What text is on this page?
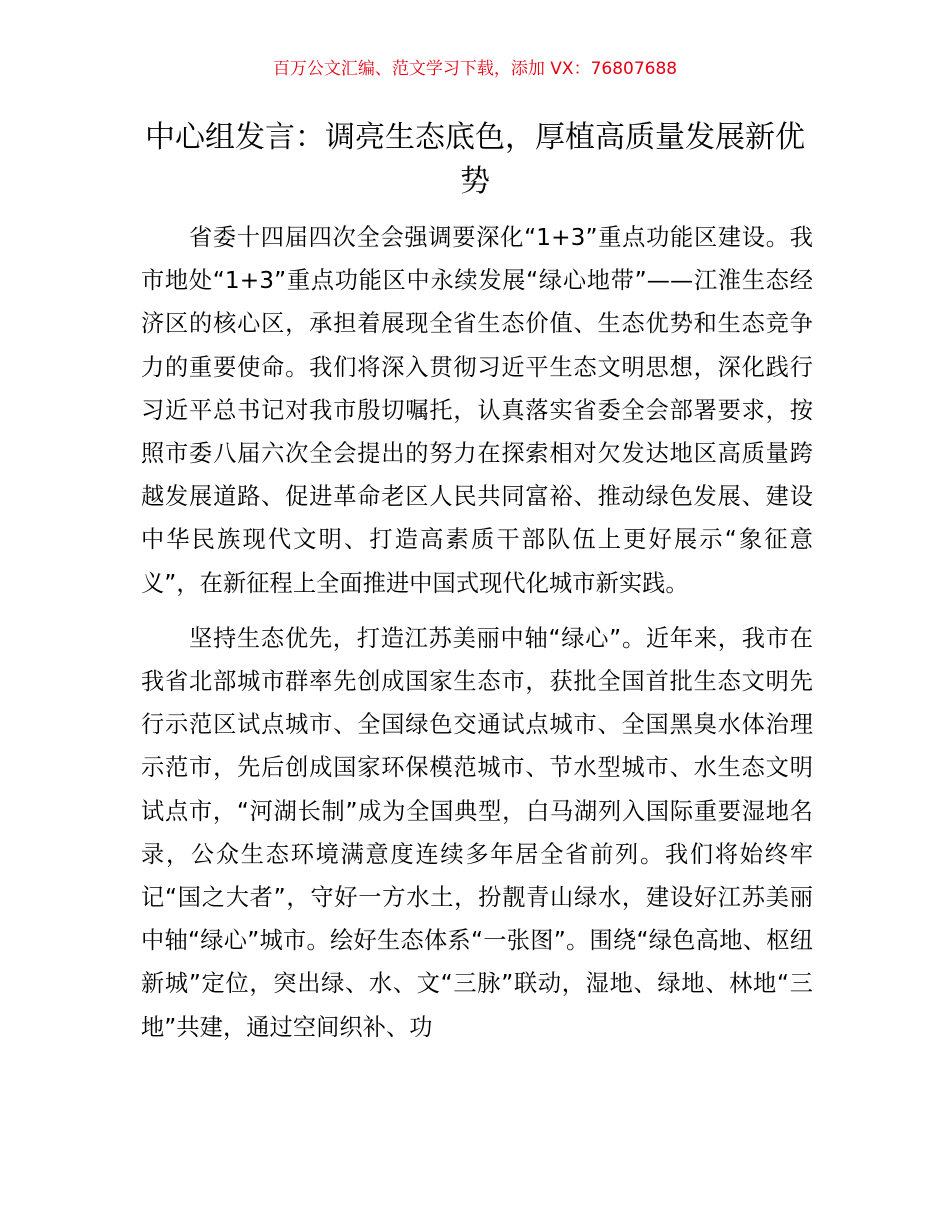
百万公文汇编、范文学习下载，添加 VX：76807688
中心组发言：调亮生态底色，厚植高质量发展新优势

省委十四届四次全会强调要深化“1+3”重点功能区建设。我市地处“1+3”重点功能区中永续发展“绿心地带”——江淮生态经济区的核心区，承担着展现全省生态价值、生态优势和生态竞争力的重要使命。我们将深入贯彻习近平生态文明思想，深化践行习近平总书记对我市殷切嘱托，认真落实省委全会部署要求，按照市委八届六次全会提出的努力在探索相对欠发达地区高质量跨越发展道路、促进革命老区人民共同富裕、推动绿色发展、建设中华民族现代文明、打造高素质干部队伍上更好展示“象征意义”，在新征程上全面推进中国式现代化城市新实践。

坚持生态优先，打造江苏美丽中轴“绿心”。近年来，我市在我省北部城市群率先创成国家生态市，获批全国首批生态文明先行示范区试点城市、全国绿色交通试点城市、全国黑臭水体治理示范市，先后创成国家环保模范城市、节水型城市、水生态文明试点市，“河湖长制”成为全国典型，白马湖列入国际重要湿地名录，公众生态环境满意度连续多年居全省前列。我们将始终牢记“国之大者”，守好一方水土，扮靓青山绿水，建设好江苏美丽中轴“绿心”城市。绘好生态体系“一张图”。围绕“绿色高地、枢纽新城”定位，突出绿、水、文“三脉”联动，湿地、绿地、林地“三地”共建，通过空间织补、功
